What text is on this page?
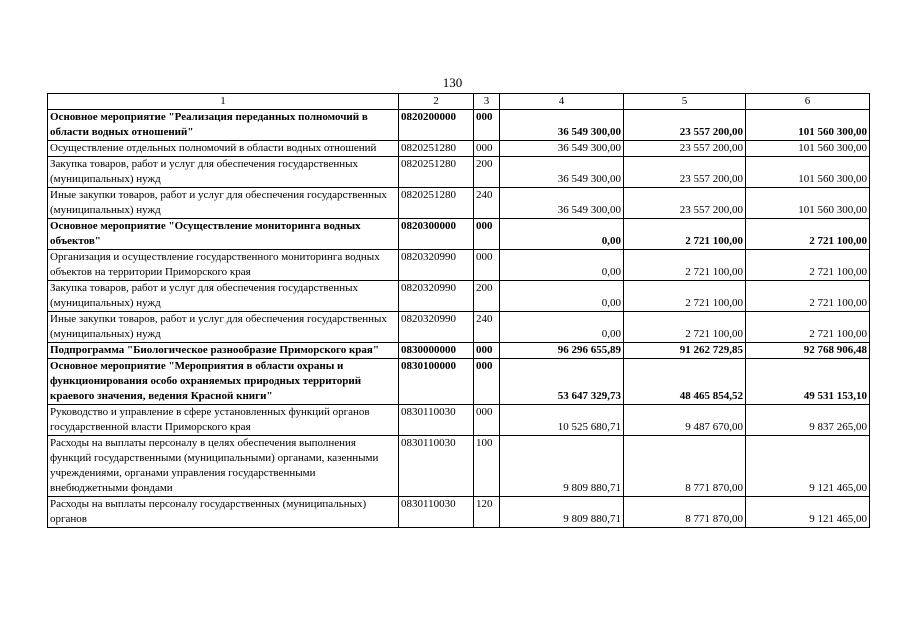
130
1	2	3	4	5	6
Основное мероприятие "Реализация переданных полномочий в области водных отношений"	0820200000	000	36 549 300,00	23 557 200,00	101 560 300,00
Осуществление отдельных полномочий в области водных отношений	0820251280	000	36 549 300,00	23 557 200,00	101 560 300,00
Закупка товаров, работ и услуг для обеспечения государственных (муниципальных) нужд	0820251280	200	36 549 300,00	23 557 200,00	101 560 300,00
Иные закупки товаров, работ и услуг для обеспечения государственных (муниципальных) нужд	0820251280	240	36 549 300,00	23 557 200,00	101 560 300,00
Основное мероприятие "Осуществление мониторинга водных объектов"	0820300000	000	0,00	2 721 100,00	2 721 100,00
Организация и осуществление государственного мониторинга водных объектов на территории Приморского края	0820320990	000	0,00	2 721 100,00	2 721 100,00
Закупка товаров, работ и услуг для обеспечения государственных (муниципальных) нужд	0820320990	200	0,00	2 721 100,00	2 721 100,00
Иные закупки товаров, работ и услуг для обеспечения государственных (муниципальных) нужд	0820320990	240	0,00	2 721 100,00	2 721 100,00
Подпрограмма "Биологическое разнообразие Приморского края"	0830000000	000	96 296 655,89	91 262 729,85	92 768 906,48
Основное мероприятие "Мероприятия в области охраны и функционирования особо охраняемых природных территорий краевого значения, ведения Красной книги"	0830100000	000	53 647 329,73	48 465 854,52	49 531 153,10
Руководство и управление в сфере установленных функций органов государственной власти Приморского края	0830110030	000	10 525 680,71	9 487 670,00	9 837 265,00
Расходы на выплаты персоналу в целях обеспечения выполнения функций государственными (муниципальными) органами, казенными учреждениями, органами управления государственными внебюджетными фондами	0830110030	100	9 809 880,71	8 771 870,00	9 121 465,00
Расходы на выплаты персоналу государственных (муниципальных) органов	0830110030	120	9 809 880,71	8 771 870,00	9 121 465,00
